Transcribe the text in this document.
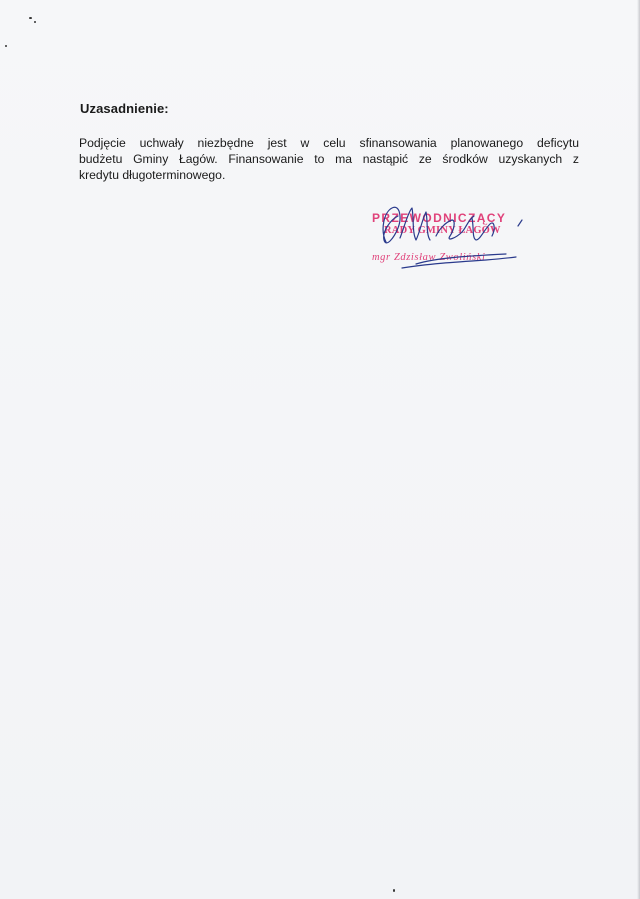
Uzasadnienie:
Podjęcie uchwały niezbędne jest w celu sfinansowania planowanego deficytu
budżetu Gminy Łagów. Finansowanie to ma nastąpić ze środków uzyskanych z
kredytu długoterminowego.
PRZEWODNICZĄCY
RADY GMINY ŁAGÓW
mgr Zdzisław Zwoliński
